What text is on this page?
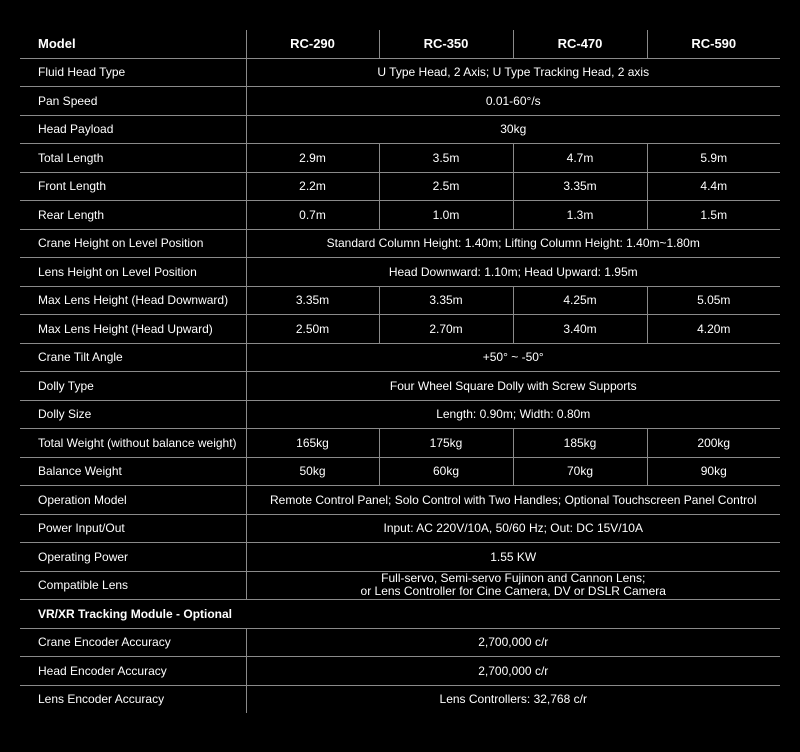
Model	RC-290	RC-350	RC-470	RC-590
Fluid Head Type	U Type Head, 2 Axis; U Type Tracking Head, 2 axis			
Pan Speed	0.01-60°/s			
Head Payload	30kg			
Total Length	2.9m	3.5m	4.7m	5.9m
Front Length	2.2m	2.5m	3.35m	4.4m
Rear Length	0.7m	1.0m	1.3m	1.5m
Crane Height on Level Position	Standard Column Height: 1.40m; Lifting Column Height: 1.40m~1.80m			
Lens Height on Level Position	Head Downward: 1.10m; Head Upward: 1.95m			
Max Lens Height (Head Downward)	3.35m	3.35m	4.25m	5.05m
Max Lens Height (Head Upward)	2.50m	2.70m	3.40m	4.20m
Crane Tilt Angle	+50° ~ -50°			
Dolly Type	Four Wheel Square Dolly with Screw Supports			
Dolly Size	Length: 0.90m; Width: 0.80m			
Total Weight (without balance weight)	165kg	175kg	185kg	200kg
Balance Weight	50kg	60kg	70kg	90kg
Operation Model	Remote Control Panel; Solo Control with Two Handles; Optional Touchscreen Panel Control			
Power Input/Out	Input: AC 220V/10A, 50/60 Hz; Out: DC 15V/10A			
Operating Power	1.55 KW			
Compatible Lens	Full-servo, Semi-servo Fujinon and Cannon Lens;
or Lens Controller for Cine Camera, DV or DSLR Camera			

VR/XR Tracking Module - Optional				
Crane Encoder Accuracy	2,700,000 c/r			
Head Encoder Accuracy	2,700,000 c/r			
Lens Encoder Accuracy	Lens Controllers: 32,768 c/r			
